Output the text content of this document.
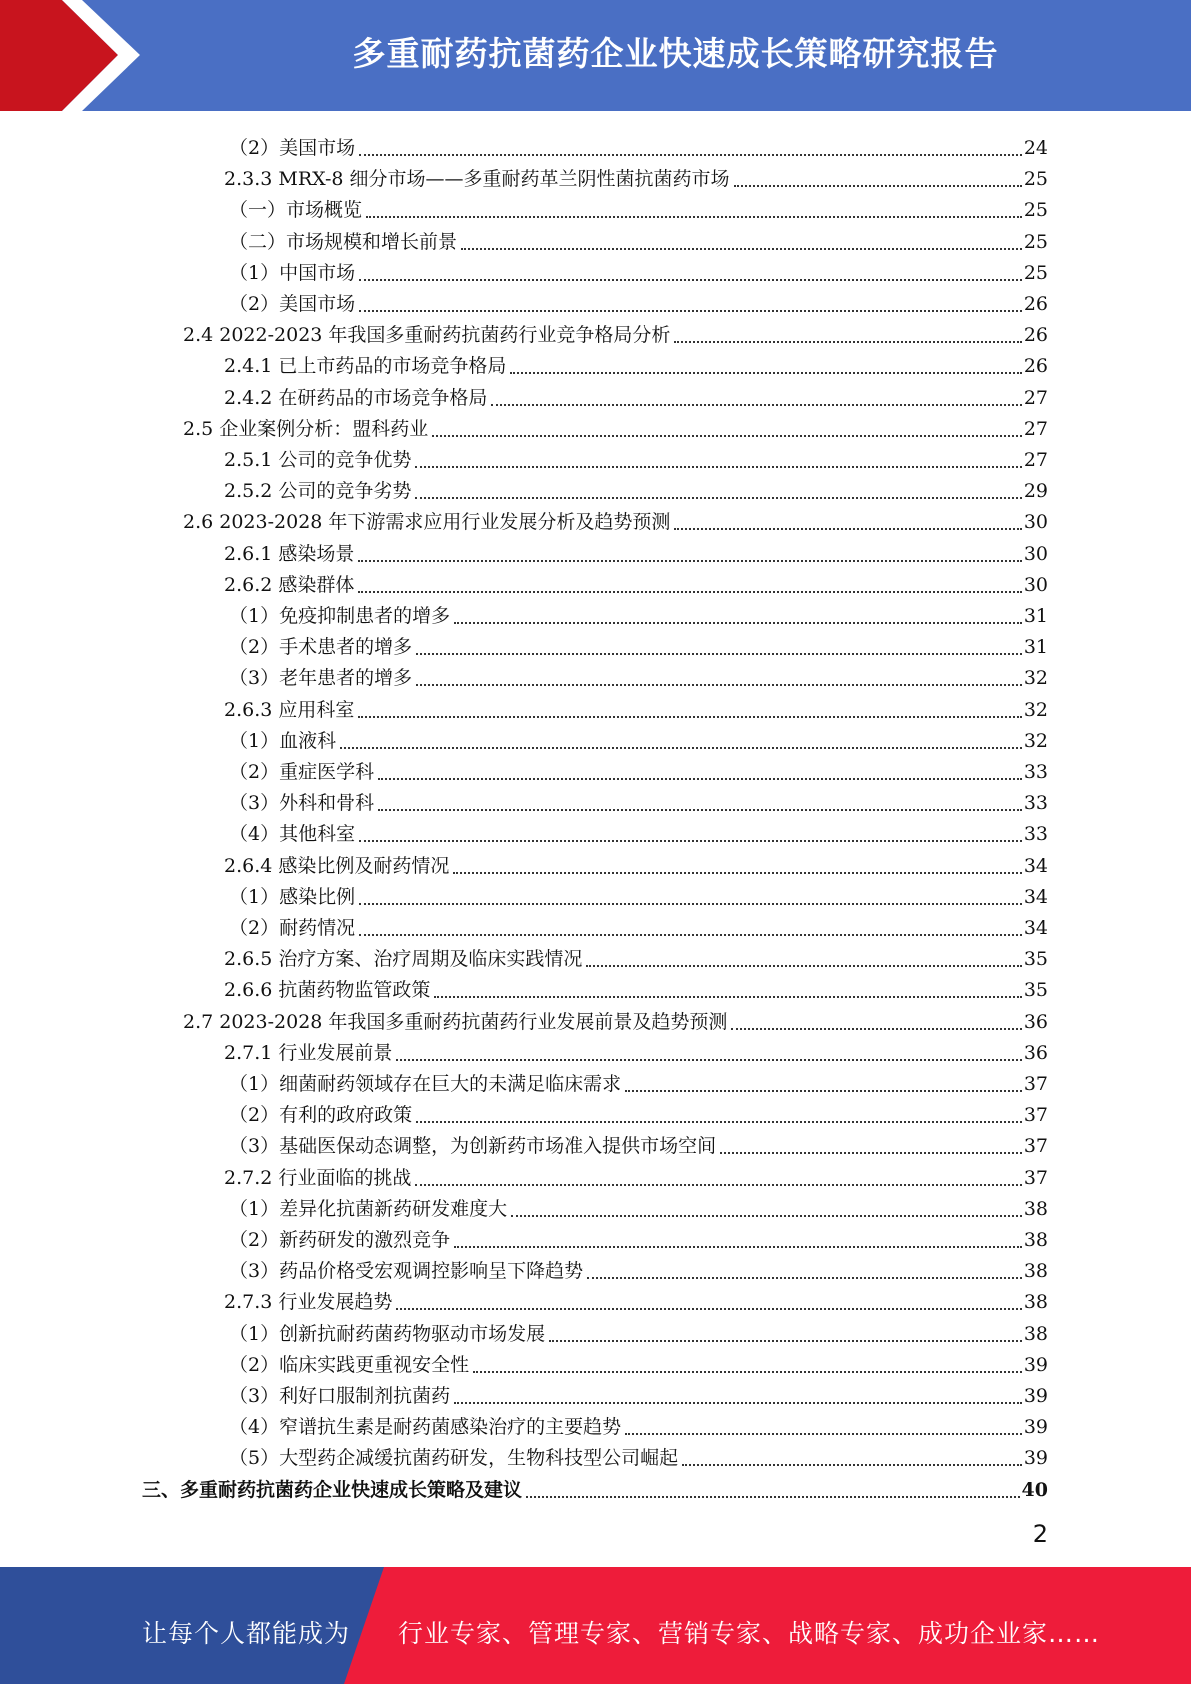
多重耐药抗菌药企业快速成长策略研究报告
（2）美国市场	24
2.3.3 MRX-8 细分市场——多重耐药革兰阴性菌抗菌药市场	25
（一）市场概览	25
（二）市场规模和增长前景	25
（1）中国市场	25
（2）美国市场	26
2.4 2022-2023 年我国多重耐药抗菌药行业竞争格局分析	26
2.4.1 已上市药品的市场竞争格局	26
2.4.2 在研药品的市场竞争格局	27
2.5 企业案例分析：盟科药业	27
2.5.1 公司的竞争优势	27
2.5.2 公司的竞争劣势	29
2.6 2023-2028 年下游需求应用行业发展分析及趋势预测	30
2.6.1 感染场景	30
2.6.2 感染群体	30
（1）免疫抑制患者的增多	31
（2）手术患者的增多	31
（3）老年患者的增多	32
2.6.3 应用科室	32
（1）血液科	32
（2）重症医学科	33
（3）外科和骨科	33
（4）其他科室	33
2.6.4 感染比例及耐药情况	34
（1）感染比例	34
（2）耐药情况	34
2.6.5 治疗方案、治疗周期及临床实践情况	35
2.6.6 抗菌药物监管政策	35
2.7 2023-2028 年我国多重耐药抗菌药行业发展前景及趋势预测	36
2.7.1 行业发展前景	36
（1）细菌耐药领域存在巨大的未满足临床需求	37
（2）有利的政府政策	37
（3）基础医保动态调整，为创新药市场准入提供市场空间	37
2.7.2 行业面临的挑战	37
（1）差异化抗菌新药研发难度大	38
（2）新药研发的激烈竞争	38
（3）药品价格受宏观调控影响呈下降趋势	38
2.7.3 行业发展趋势	38
（1）创新抗耐药菌药物驱动市场发展	38
（2）临床实践更重视安全性	39
（3）利好口服制剂抗菌药	39
（4）窄谱抗生素是耐药菌感染治疗的主要趋势	39
（5）大型药企减缓抗菌药研发，生物科技型公司崛起	39
三、多重耐药抗菌药企业快速成长策略及建议	40
2
让每个人都能成为 行业专家、管理专家、营销专家、战略专家、成功企业家……
